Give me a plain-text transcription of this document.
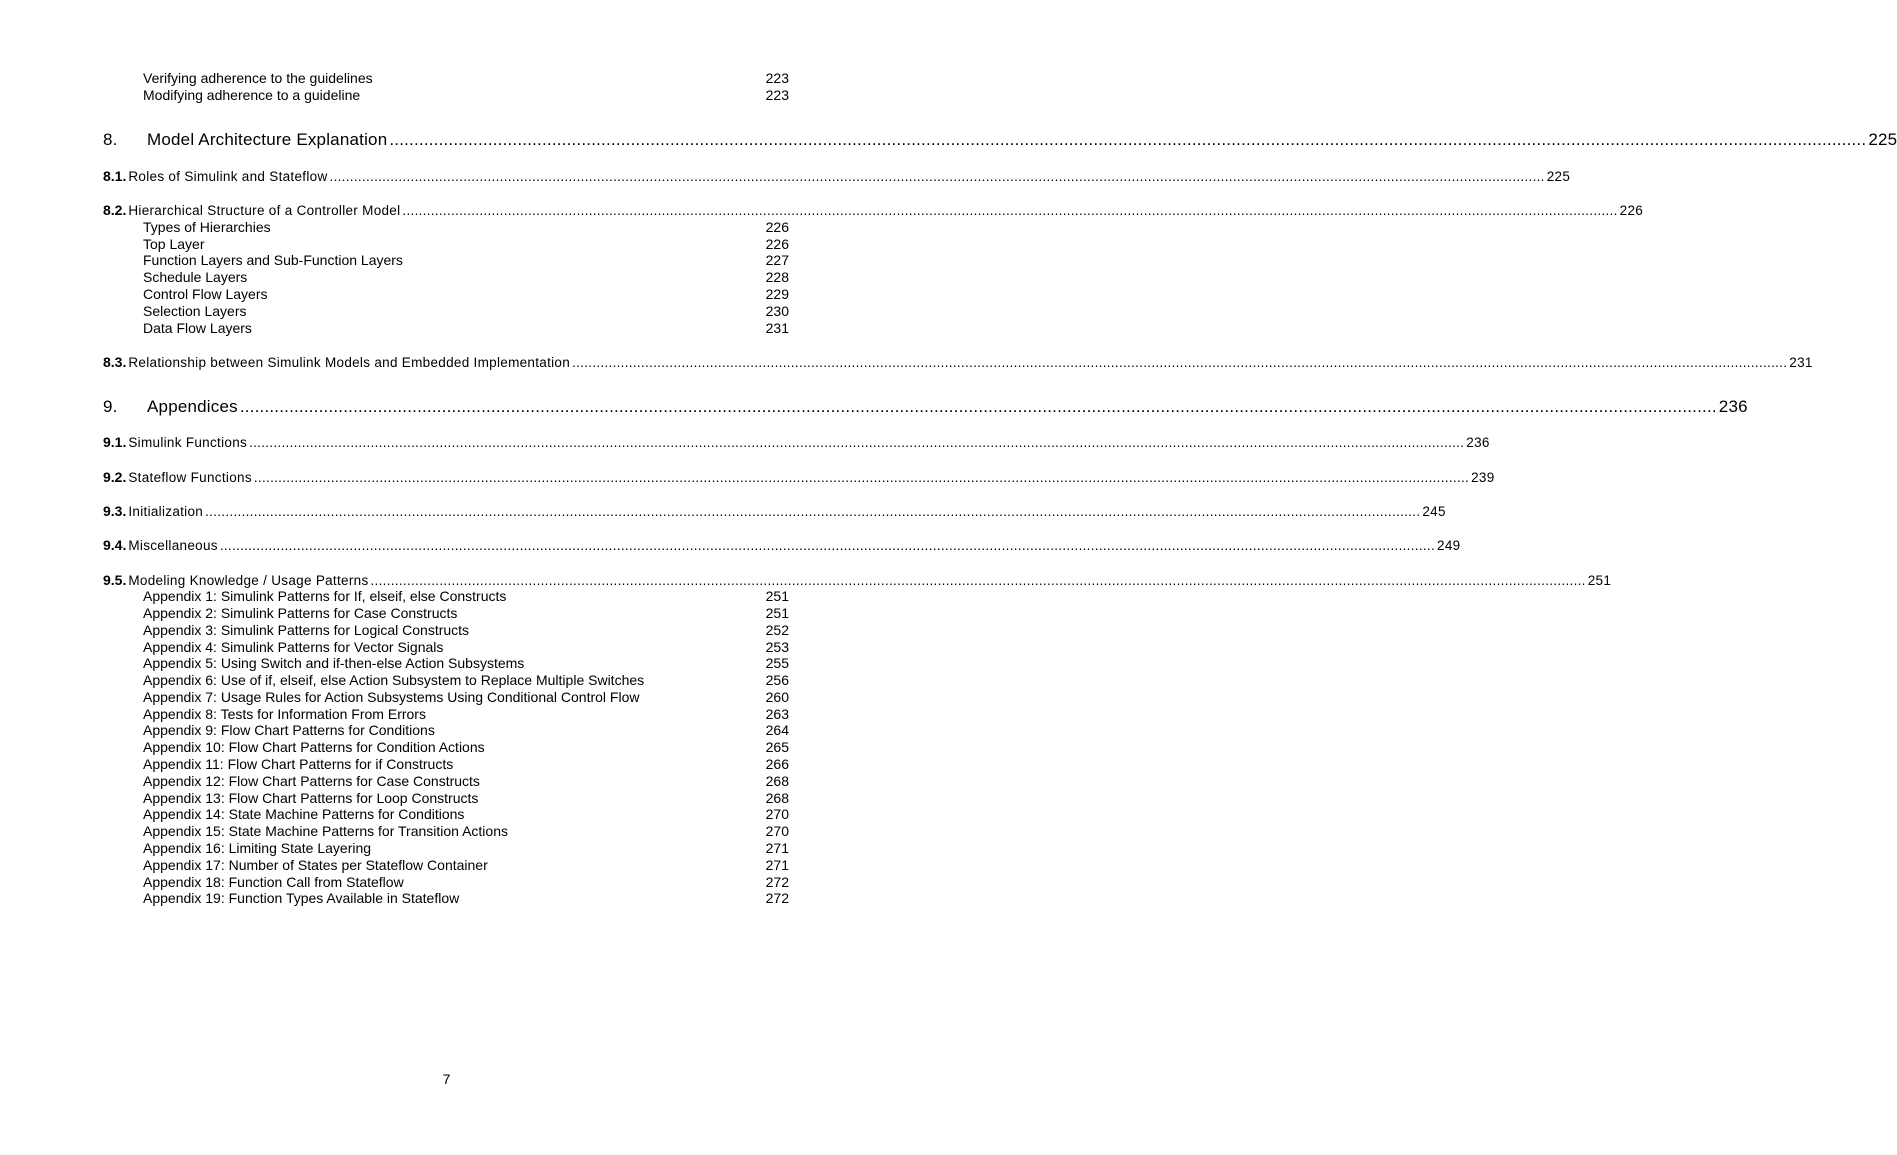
Verifying adherence to the guidelines	223
Modifying adherence to a guideline	223
8. Model Architecture Explanation ............................................................................................................................................................................................................................................................................................................ 225
8.1. Roles of Simulink and Stateflow ............................................................................................................................................................................................................................................................................................................ 225
8.2. Hierarchical Structure of a Controller Model ............................................................................................................................................................................................................................................................................................................ 226
Types of Hierarchies	226
Top Layer	226
Function Layers and Sub-Function Layers	227
Schedule Layers	228
Control Flow Layers	229
Selection Layers	230
Data Flow Layers	231
8.3. Relationship between Simulink Models and Embedded Implementation ............................................................................................................................................................................................................................................................................................................ 231
9. Appendices ............................................................................................................................................................................................................................................................................................................ 236
9.1. Simulink Functions ............................................................................................................................................................................................................................................................................................................ 236
9.2. Stateflow Functions ............................................................................................................................................................................................................................................................................................................ 239
9.3. Initialization ............................................................................................................................................................................................................................................................................................................ 245
9.4. Miscellaneous ............................................................................................................................................................................................................................................................................................................ 249
9.5. Modeling Knowledge / Usage Patterns ............................................................................................................................................................................................................................................................................................................ 251
Appendix 1: Simulink Patterns for If, elseif, else Constructs	251
Appendix 2: Simulink Patterns for Case Constructs	251
Appendix 3: Simulink Patterns for Logical Constructs	252
Appendix 4: Simulink Patterns for Vector Signals	253
Appendix 5: Using Switch and if-then-else Action Subsystems	255
Appendix 6: Use of if, elseif, else Action Subsystem to Replace Multiple Switches	256
Appendix 7: Usage Rules for Action Subsystems Using Conditional Control Flow	260
Appendix 8: Tests for Information From Errors	263
Appendix 9: Flow Chart Patterns for Conditions	264
Appendix 10: Flow Chart Patterns for Condition Actions	265
Appendix 11: Flow Chart Patterns for if Constructs	266
Appendix 12: Flow Chart Patterns for Case Constructs	268
Appendix 13: Flow Chart Patterns for Loop Constructs	268
Appendix 14: State Machine Patterns for Conditions	270
Appendix 15: State Machine Patterns for Transition Actions	270
Appendix 16: Limiting State Layering	271
Appendix 17: Number of States per Stateflow Container	271
Appendix 18: Function Call from Stateflow	272
Appendix 19: Function Types Available in Stateflow	272
7
